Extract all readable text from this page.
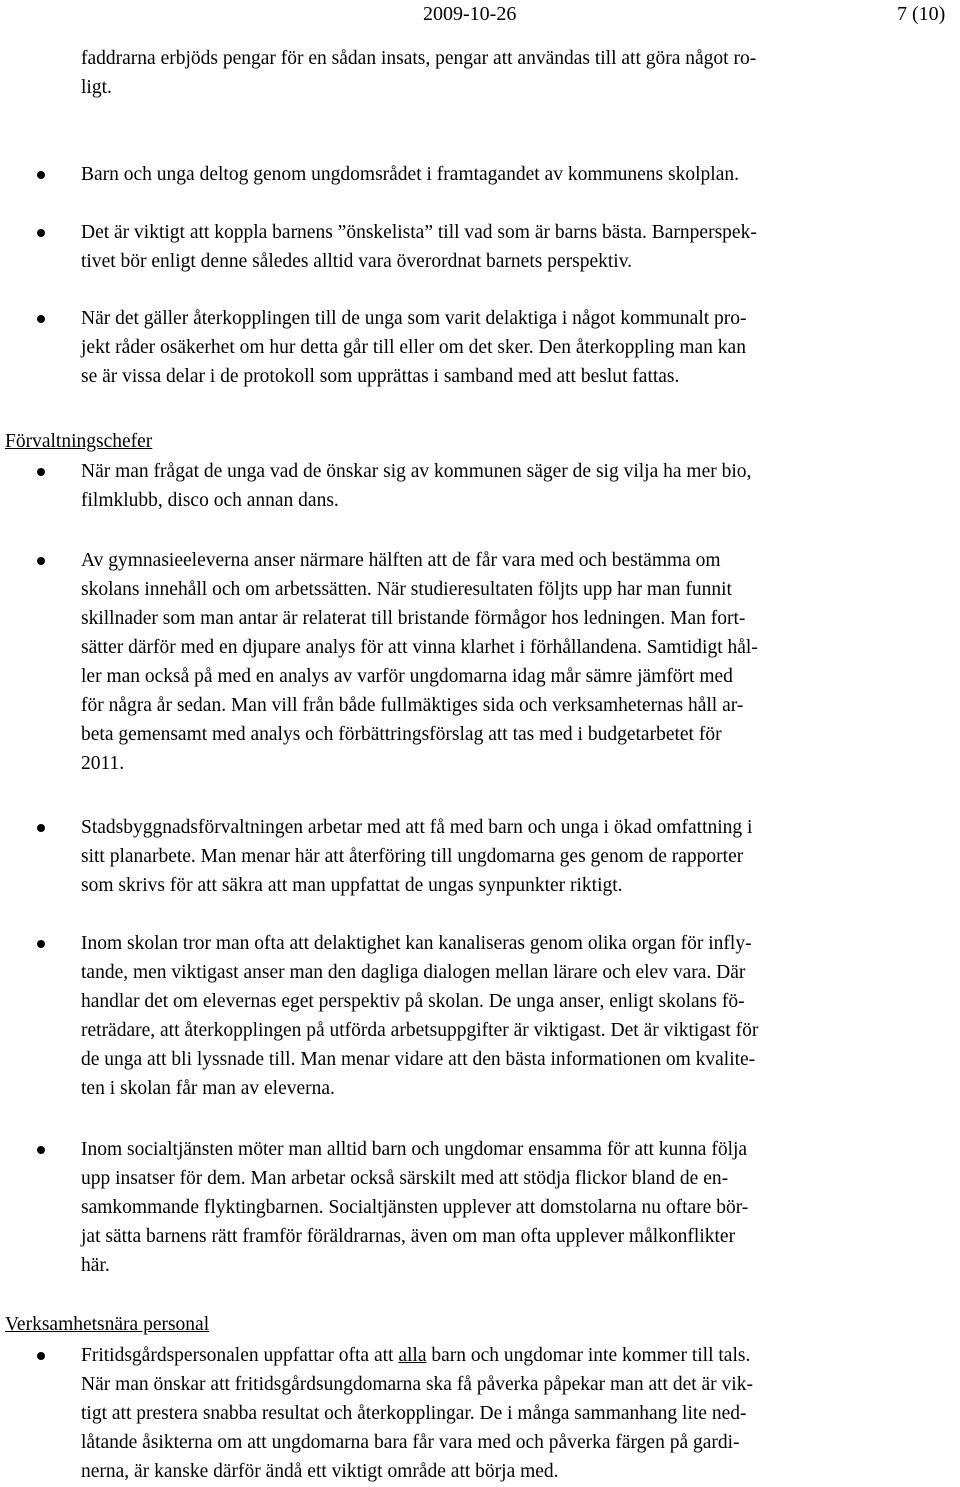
2009-10-26	7 (10)
faddrarna erbjöds pengar för en sådan insats, pengar att användas till att göra något ro-
ligt.
Barn och unga deltog genom ungdomsrådet i framtagandet av kommunens skolplan.
Det är viktigt att koppla barnens ”önskelista” till vad som är barns bästa. Barnperspek-
tivet bör enligt denne således alltid vara överordnat barnets perspektiv.
När det gäller återkopplingen till de unga som varit delaktiga i något kommunalt pro-
jekt råder osäkerhet om hur detta går till eller om det sker. Den återkoppling man kan
se är vissa delar i de protokoll som upprättas i samband med att beslut fattas.
Förvaltningschefer
När man frågat de unga vad de önskar sig av kommunen säger de sig vilja ha mer bio,
filmklubb, disco och annan dans.
Av gymnasieeleverna anser närmare hälften att de får vara med och bestämma om
skolans innehåll och om arbetssätten. När studieresultaten följts upp har man funnit
skillnader som man antar är relaterat till bristande förmågor hos ledningen. Man fort-
sätter därför med en djupare analys för att vinna klarhet i förhållandena. Samtidigt hål-
ler man också på med en analys av varför ungdomarna idag mår sämre jämfört med
för några år sedan. Man vill från både fullmäktiges sida och verksamheternas håll ar-
beta gemensamt med analys och förbättringsförslag att tas med i budgetarbetet för
2011.
Stadsbyggnadsförvaltningen arbetar med att få med barn och unga i ökad omfattning i
sitt planarbete. Man menar här att återföring till ungdomarna ges genom de rapporter
som skrivs för att säkra att man uppfattat de ungas synpunkter riktigt.
Inom skolan tror man ofta att delaktighet kan kanaliseras genom olika organ för infly-
tande, men viktigast anser man den dagliga dialogen mellan lärare och elev vara. Där
handlar det om elevernas eget perspektiv på skolan. De unga anser, enligt skolans fö-
reträdare, att återkopplingen på utförda arbetsuppgifter är viktigast. Det är viktigast för
de unga att bli lyssnade till. Man menar vidare att den bästa informationen om kvalite-
ten i skolan får man av eleverna.
Inom socialtjänsten möter man alltid barn och ungdomar ensamma för att kunna följa
upp insatser för dem. Man arbetar också särskilt med att stödja flickor bland de en-
samkommande flyktingbarnen. Socialtjänsten upplever att domstolarna nu oftare bör-
jat sätta barnens rätt framför föräldrarnas, även om man ofta upplever målkonflikter
här.
Verksamhetsnära personal
Fritidsgårdspersonalen uppfattar ofta att alla barn och ungdomar inte kommer till tals.
När man önskar att fritidsgårdsungdomarna ska få påverka påpekar man att det är vik-
tigt att prestera snabba resultat och återkopplingar. De i många sammanhang lite ned-
låtande åsikterna om att ungdomarna bara får vara med och påverka färgen på gardi-
nerna, är kanske därför ändå ett viktigt område att börja med.
